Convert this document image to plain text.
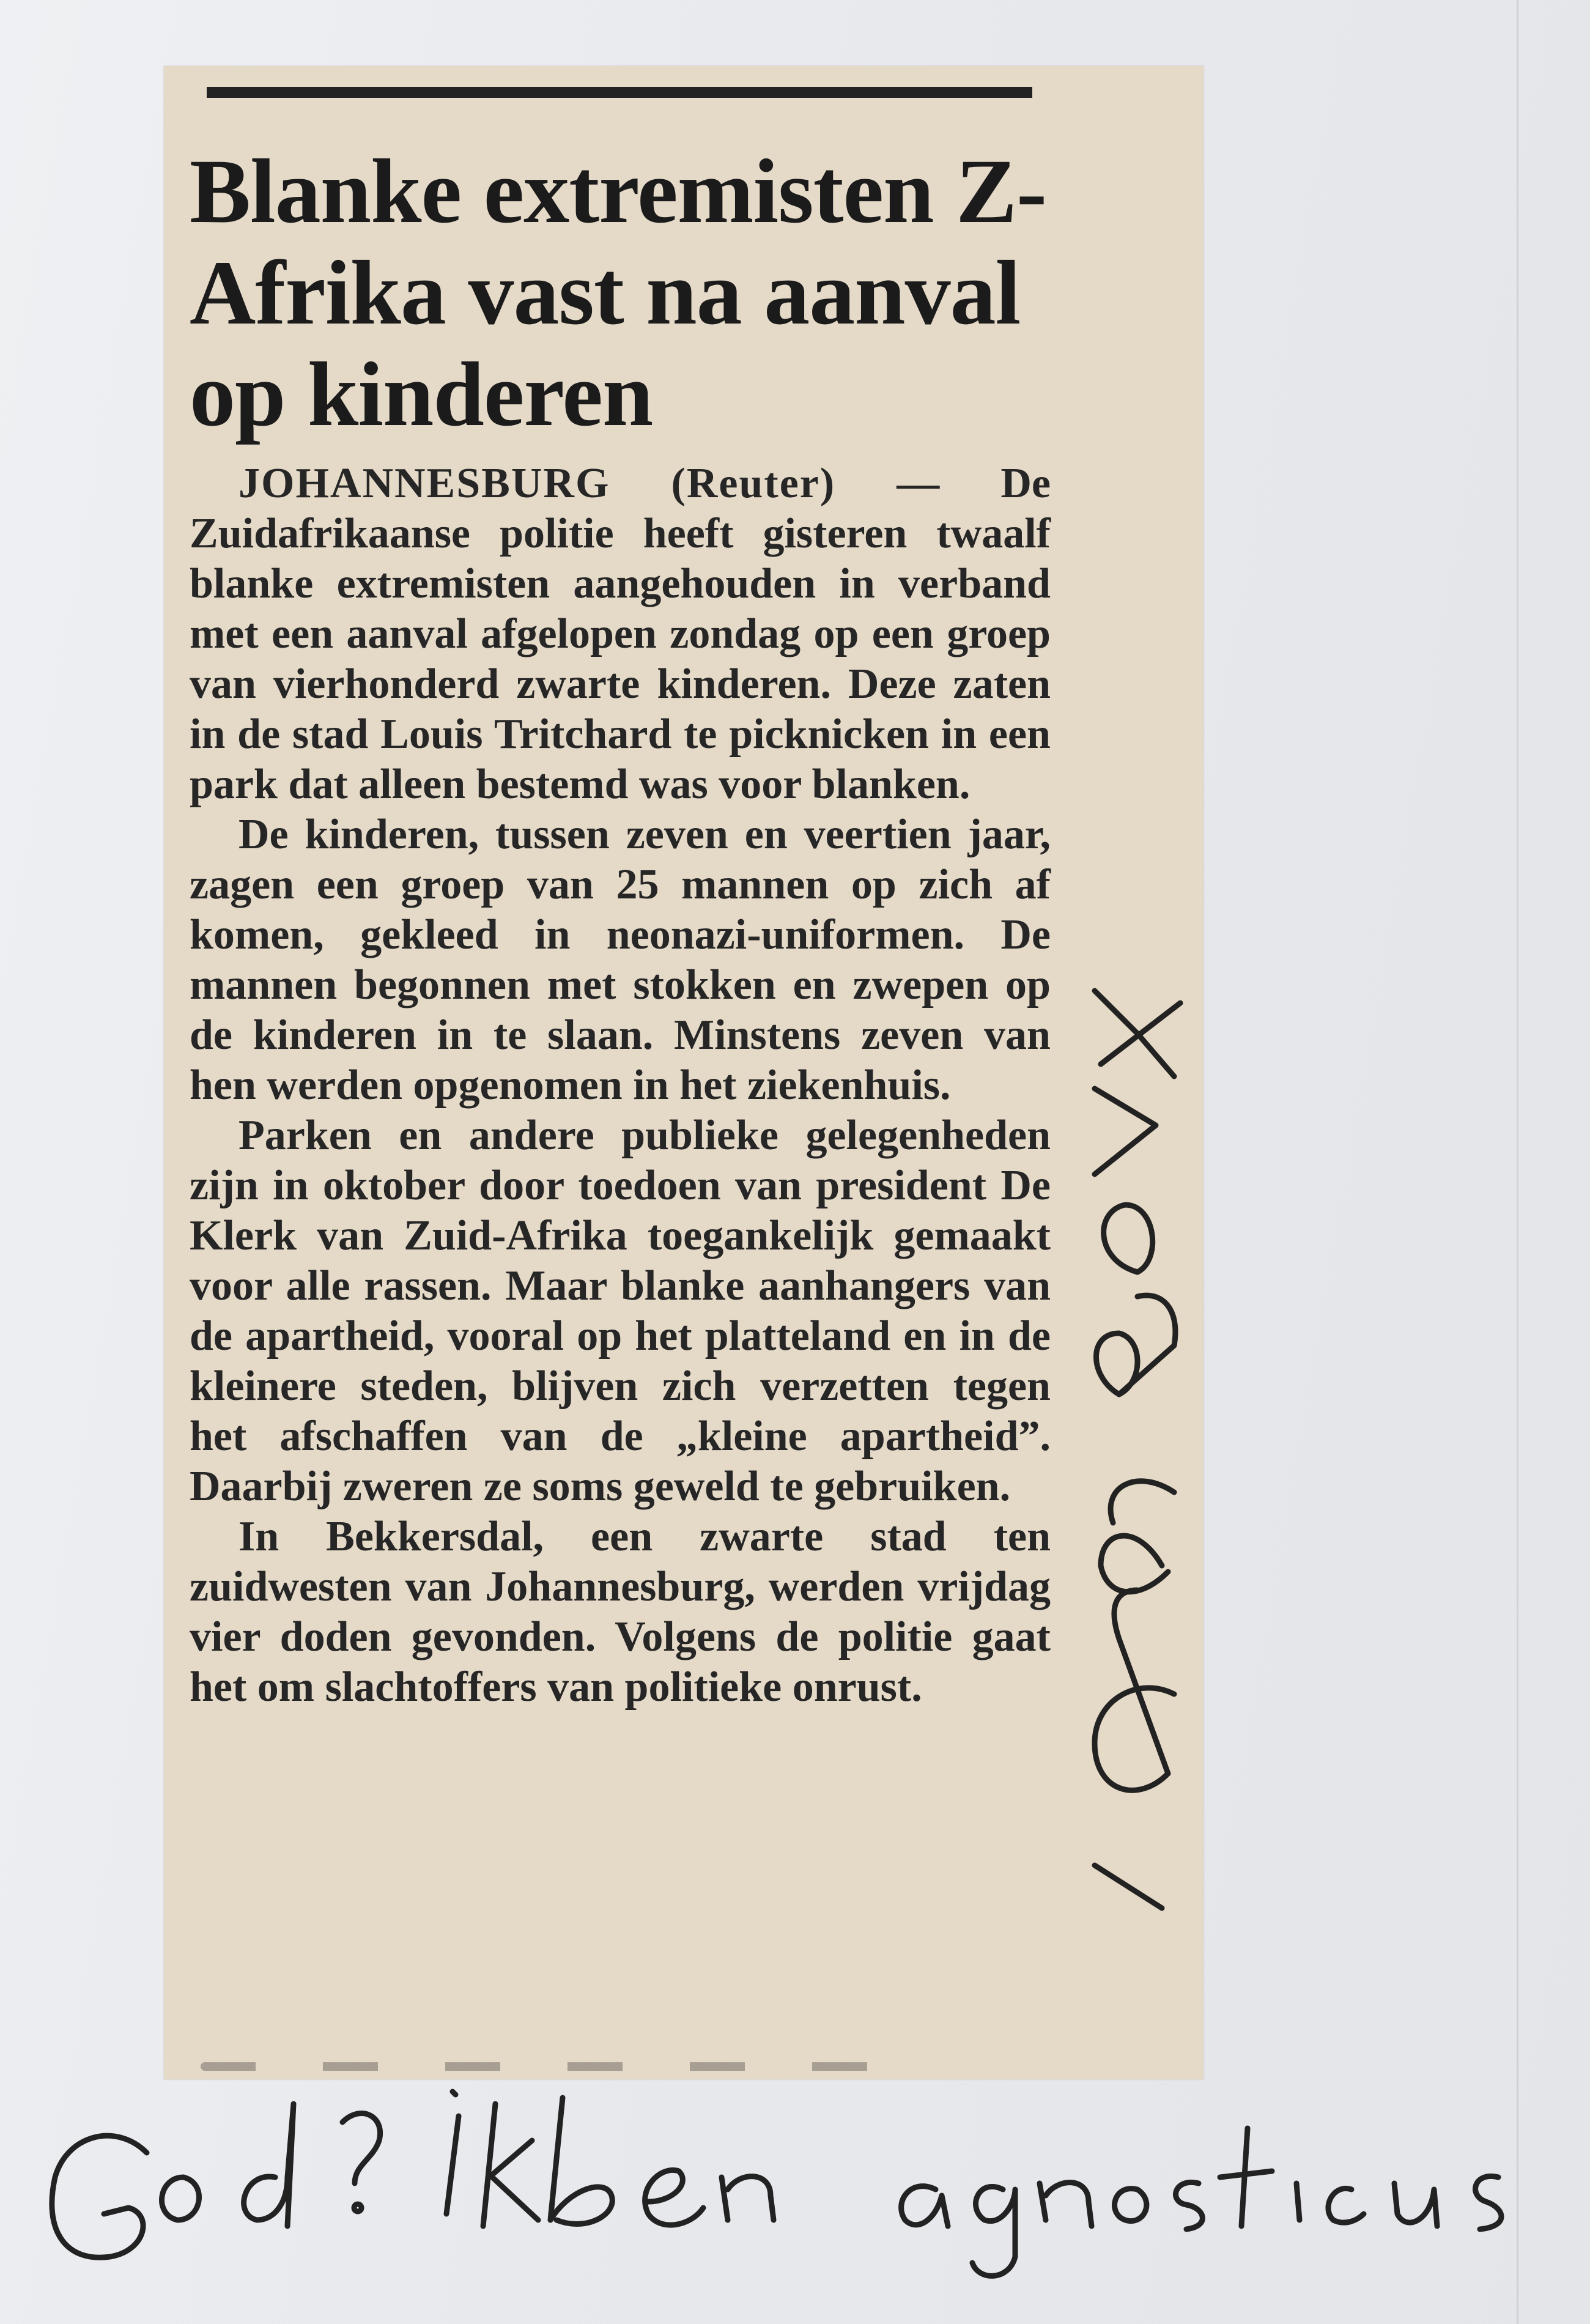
Blanke extremisten Z-Afrika vast na aanval op kinderen

JOHANNESBURG (Reuter) — De Zuidafrikaanse politie heeft gisteren twaalf blanke extremisten aangehouden in verband met een aanval afgelopen zondag op een groep van vierhonderd zwarte kinderen. Deze zaten in de stad Louis Tritchard te picknicken in een park dat alleen bestemd was voor blanken.

De kinderen, tussen zeven en veertien jaar, zagen een groep van 25 mannen op zich af komen, gekleed in neonazi-uniformen. De mannen begonnen met stokken en zwepen op de kinderen in te slaan. Minstens zeven van hen werden opgenomen in het ziekenhuis.

Parken en andere publieke gelegenheden zijn in oktober door toedoen van president De Klerk van Zuid-Afrika toegankelijk gemaakt voor alle rassen. Maar blanke aanhangers van de apartheid, vooral op het platteland en in de kleinere steden, blijven zich verzetten tegen het afschaffen van de „kleine apartheid”. Daarbij zweren ze soms geweld te gebruiken.

In Bekkersdal, een zwarte stad ten zuidwesten van Johannesburg, werden vrijdag vier doden gevonden. Volgens de politie gaat het om slachtoffers van politieke onrust.
